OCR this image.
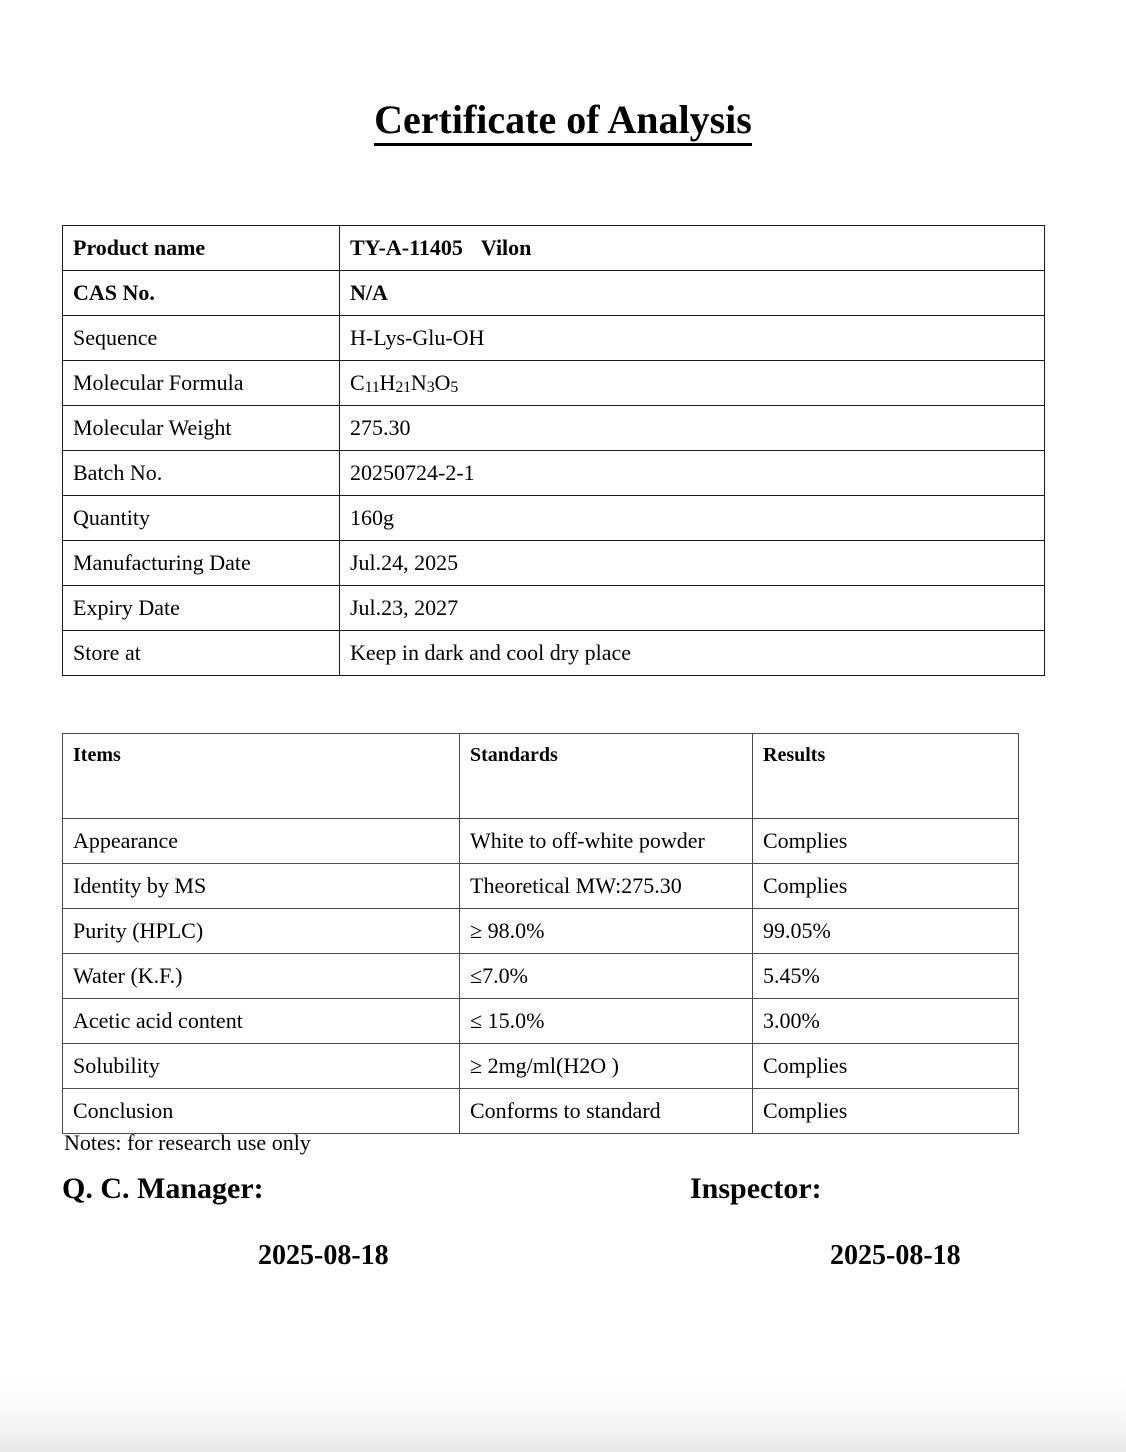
Certificate of Analysis
Product name	TY-A-11405 Vilon
CAS No.	N/A
Sequence	H-Lys-Glu-OH
Molecular Formula	$C_{11}H_{21}N_3O_5$
Molecular Weight	275.30
Batch No.	20250724-2-1
Quantity	160g
Manufacturing Date	Jul.24, 2025
Expiry Date	Jul.23, 2027
Store at	Keep in dark and cool dry place
Items	Standards	Results
Appearance	White to off-white powder	Complies
Identity by MS	Theoretical MW:275.30	Complies
Purity (HPLC)	≥ 98.0%	99.05%
Water (K.F.)	≤7.0%	5.45%
Acetic acid content	≤ 15.0%	3.00%
Solubility	≥ 2mg/ml(H2O )	Complies
Conclusion	Conforms to standard	Complies
Notes: for research use only
Q. C. Manager:	Inspector:
2025-08-18	2025-08-18
